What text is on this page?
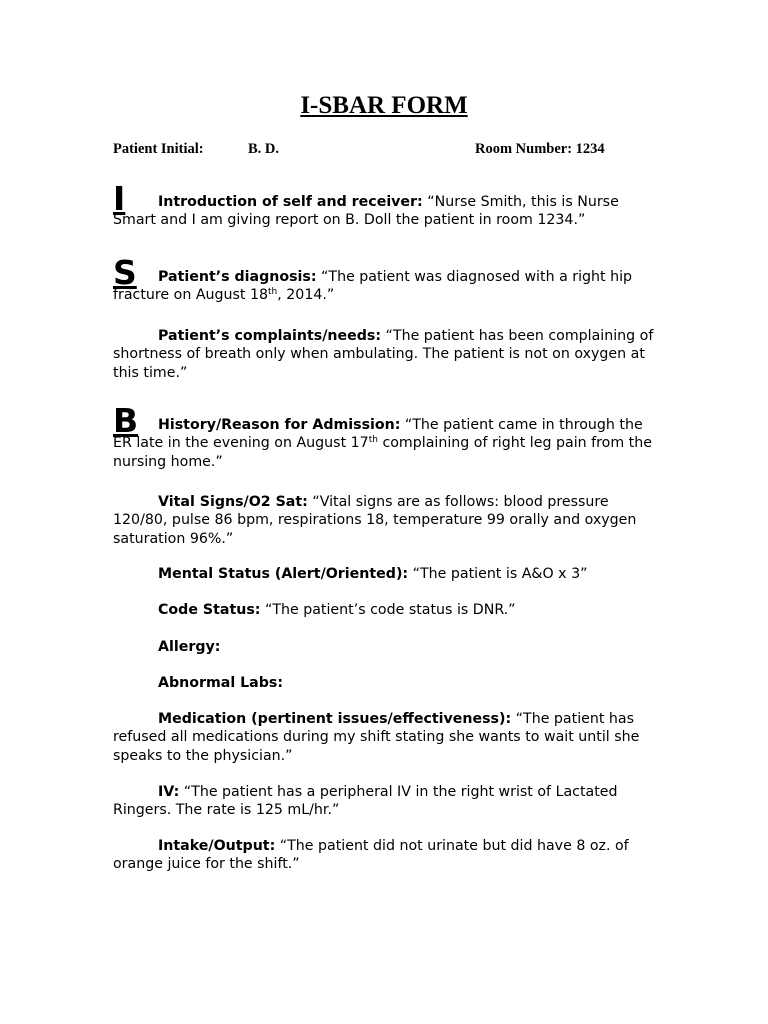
I-SBAR FORM
Patient Initial:	B. D.	Room Number: 1234
I	Introduction of self and receiver: “Nurse Smith, this is Nurse Smart and I am giving report on B. Doll the patient in room 1234.”
S	Patient’s diagnosis: “The patient was diagnosed with a right hip fracture on August 18th, 2014.”
Patient’s complaints/needs: “The patient has been complaining of shortness of breath only when ambulating. The patient is not on oxygen at this time.”
B	History/Reason for Admission: “The patient came in through the ER late in the evening on August 17th complaining of right leg pain from the nursing home.”
Vital Signs/O2 Sat: “Vital signs are as follows: blood pressure 120/80, pulse 86 bpm, respirations 18, temperature 99 orally and oxygen saturation 96%.”
Mental Status (Alert/Oriented): “The patient is A&O x 3”
Code Status: “The patient’s code status is DNR.”
Allergy:
Abnormal Labs:
Medication (pertinent issues/effectiveness): “The patient has refused all medications during my shift stating she wants to wait until she speaks to the physician.”
IV: “The patient has a peripheral IV in the right wrist of Lactated Ringers. The rate is 125 mL/hr.”
Intake/Output: “The patient did not urinate but did have 8 oz. of orange juice for the shift.”
